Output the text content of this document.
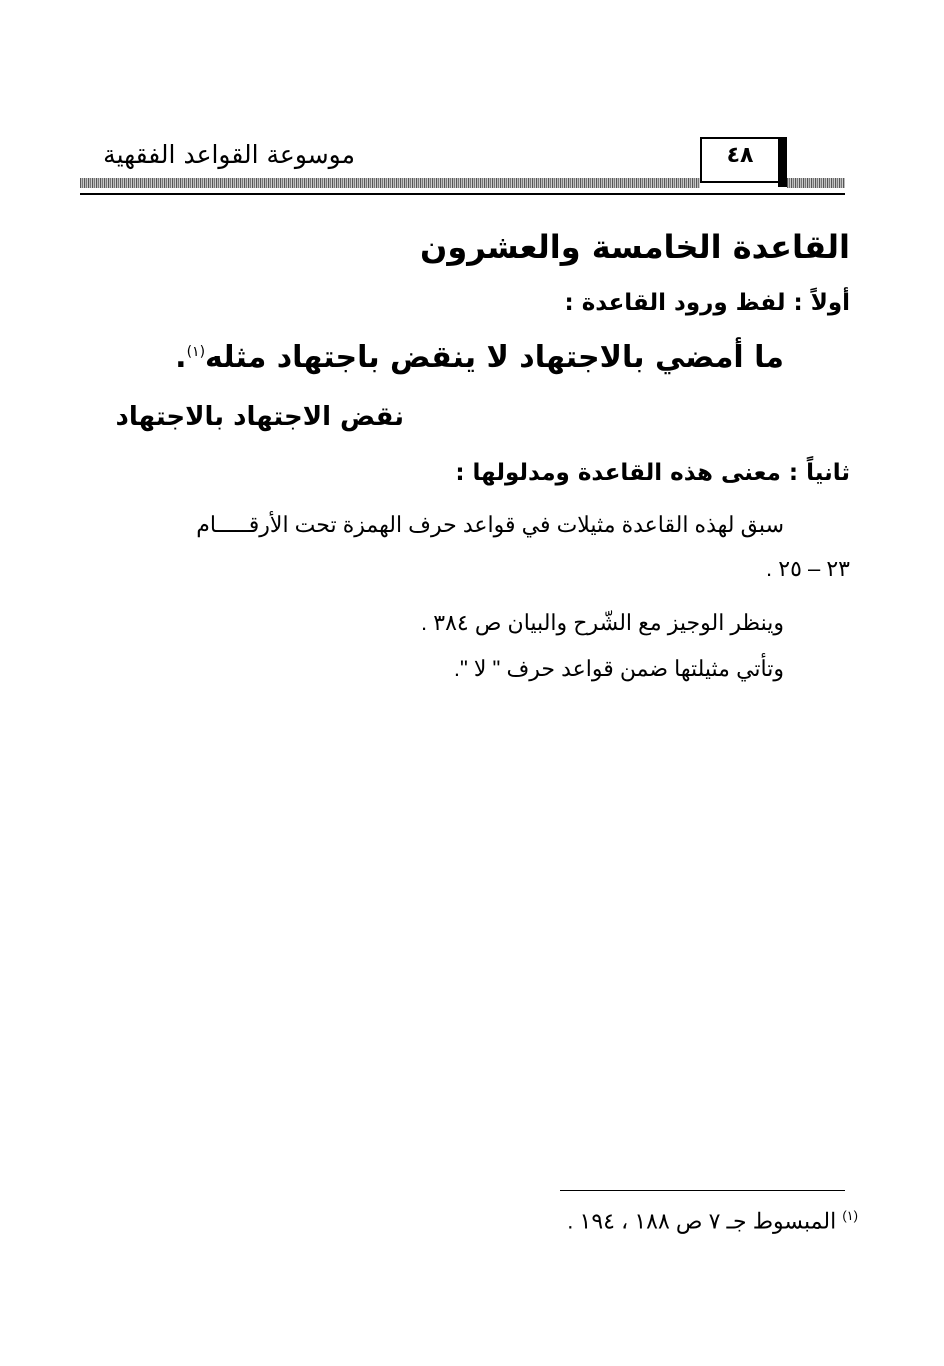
موسوعة القواعد الفقهية	٤٨
القاعدة الخامسة والعشرون
أولاً : لفظ ورود القاعدة :
ما أمضي بالاجتهاد لا ينقض باجتهاد مثله$^{(١)}$.
نقض الاجتهاد بالاجتهاد
ثانياً : معنى هذه القاعدة ومدلولها :
سبق لهذه القاعدة مثيلات في قواعد حرف الهمزة تحت الأرقـــــام
٢٣ – ٢٥ .
وينظر الوجيز مع الشّرح والبيان ص ٣٨٤ .
وتأتي مثيلتها ضمن قواعد حرف " لا ".
$^{(١)}$ المبسوط جـ ٧ ص ١٨٨ ، ١٩٤ .
